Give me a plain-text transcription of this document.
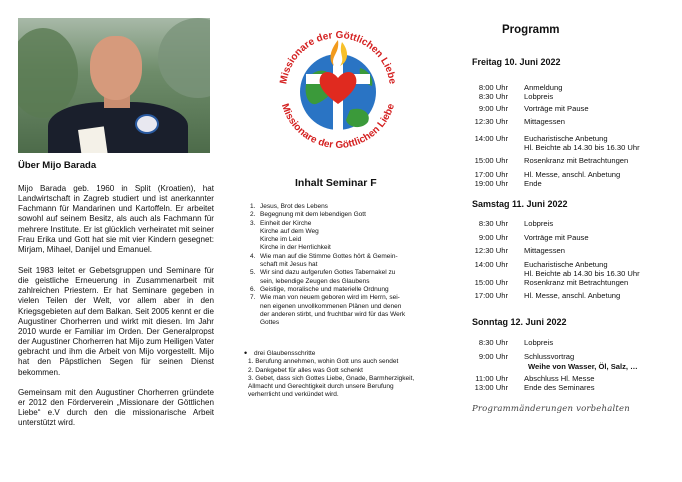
Über Mijo Barada

Mijo Barada geb. 1960 in Split (Kroatien), hat Landwirtschaft in Zagreb studiert und ist anerkannter Fachmann für Mandarinen und Kartoffeln. Er arbeitet sowohl auf seinem Besitz, als auch als Fachmann für mehrere Institute. Er ist glücklich verheiratet mit seiner Frau Erika und Gott hat sie mit vier Kindern gesegnet: Mirjam, Mihael, Danijel und Emanuel.

Seit 1983 leitet er Gebetsgruppen und Seminare für die geistliche Erneuerung in Zusammenarbeit mit zahlreichen Priestern. Er hat Seminare gegeben in vielen Teilen der Welt, vor allem aber in den Kriegsgebieten auf dem Balkan. Seit 2005 kennt er die Augustiner Chorherren und wirkt mit diesen. Im Jahr 2010 wurde er Familiar im Orden. Der Generalpropst der Augustiner Chorherren hat Mijo zum Heiligen Vater gebracht und ihm die Arbeit von Mijo vorgestellt. Mijo hat den Päpstlichen Segen für seinen Dienst bekommen.

Gemeinsam mit den Augustiner Chorherren gründete er 2012 den Förderverein „Missionare der Göttlichen Liebe“ e.V durch den die missionarische Arbeit unterstützt wird.

Missionare der Göttlichen Liebe
Missionare der Göttlichen Liebe
Inhalt Seminar F
1. Jesus, Brot des Lebens
2. Begegnung mit dem lebendigen Gott
3. Einheit der Kirche
Kirche auf dem Weg
Kirche im Leid
Kirche in der Herrlichkeit
4. Wie man auf die Stimme Gottes hört & Gemein-
schaft mit Jesus hat
5. Wir sind dazu aufgerufen Gottes Tabernakel zu
sein, lebendige Zeugen des Glaubens
6. Geistige, moralische und materielle Ordnung
7. Wie man von neuem geboren wird im Herrn, sei-
nen eigenen unvollkommenen Plänen und denen
der anderen stirbt, und fruchtbar wird für das Werk
Gottes
• drei Glaubensschritte
1. Berufung annehmen, wohin Gott uns auch sendet
2. Dankgebet für alles was Gott schenkt
3. Gebet, dass sich Gottes Liebe, Gnade, Barmherzigkeit,
Allmacht und Gerechtigkeit durch unsere Berufung
verherrlicht und verkündet wird.
Programm
Freitag 10. Juni 2022
8:00 Uhr Anmeldung
8:30 Uhr Lobpreis
9:00 Uhr Vorträge mit Pause
12:30 Uhr Mittagessen
14:00 Uhr Eucharistische Anbetung
Hl. Beichte ab 14.30 bis 16.30 Uhr
15:00 Uhr Rosenkranz mit Betrachtungen
17:00 Uhr Hl. Messe, anschl. Anbetung
19:00 Uhr Ende
Samstag 11. Juni 2022
8:30 Uhr Lobpreis
9:00 Uhr Vorträge mit Pause
12:30 Uhr Mittagessen
14:00 Uhr Eucharistische Anbetung
Hl. Beichte ab 14.30 bis 16.30 Uhr
15:00 Uhr Rosenkranz mit Betrachtungen
17:00 Uhr Hl. Messe, anschl. Anbetung
Sonntag 12. Juni 2022
8:30 Uhr Lobpreis
9:00 Uhr Schlussvortrag
Weihe von Wasser, Öl, Salz, …
11:00 Uhr Abschluss Hl. Messe
13:00 Uhr Ende des Seminares
Programmänderungen vorbehalten
